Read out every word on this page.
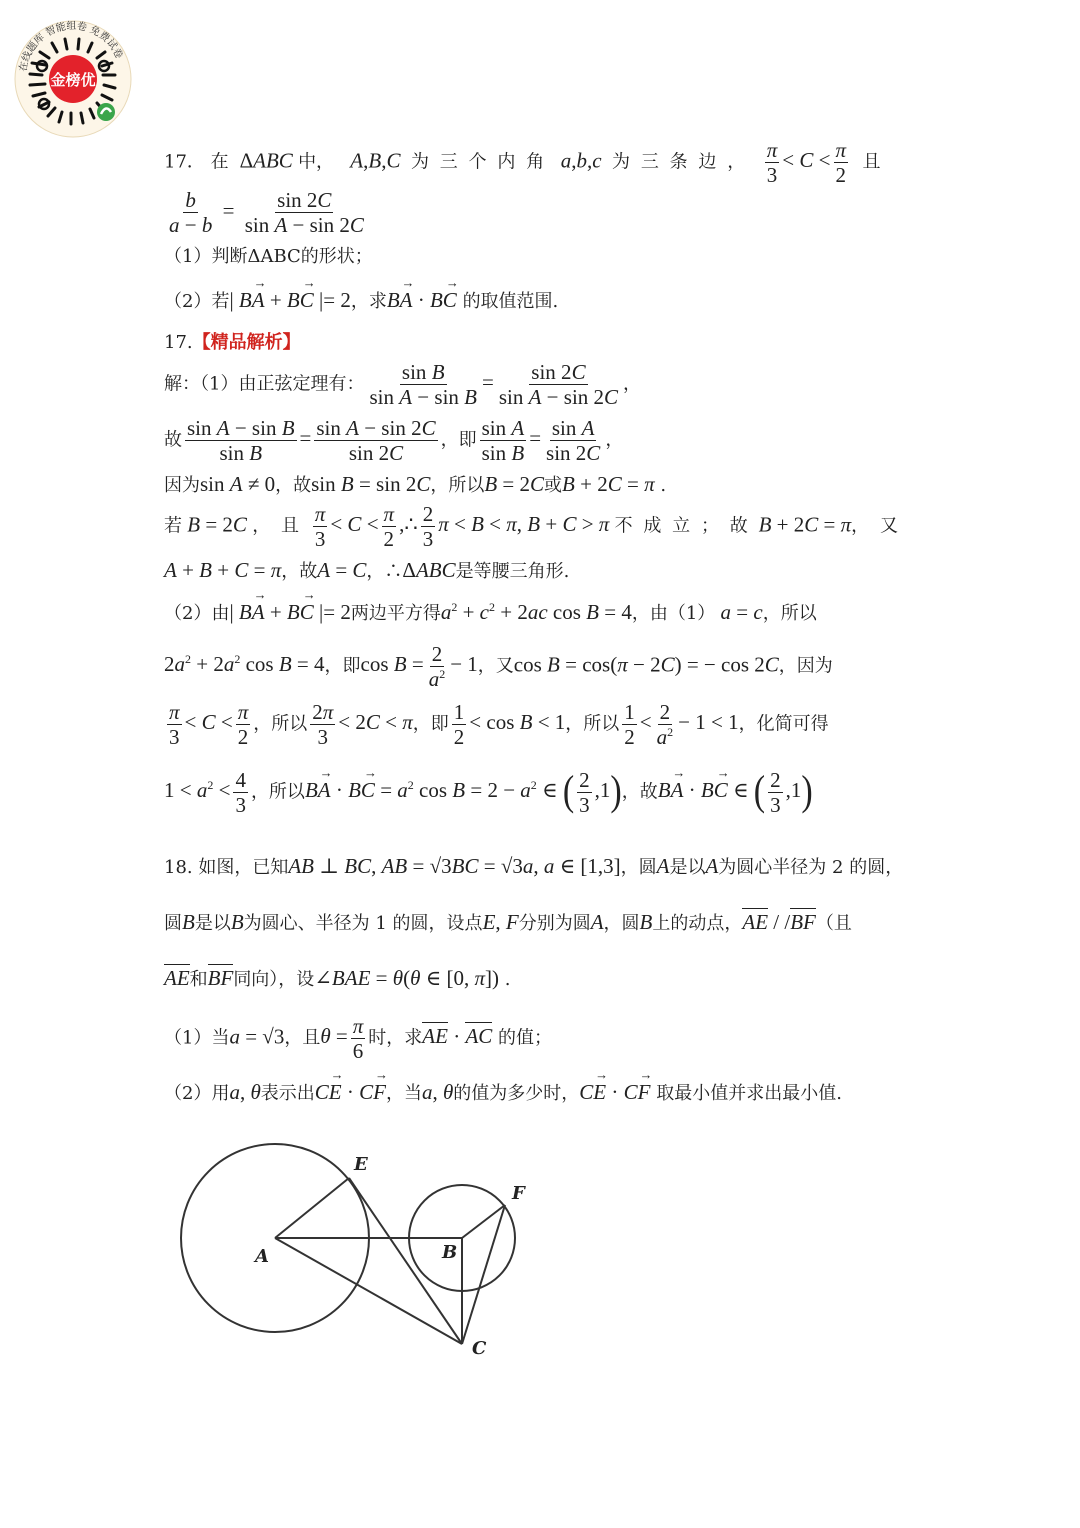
金榜优
在线题库 智能组卷 免费试卷
17． 在  ΔABC 中， A,B,C 为三个内角 a,b,c 为三条边， $\frac{\pi}{3} < C < \frac{\pi}{2}$ 且
$\frac{b}{a - b} = \frac{\sin 2C}{\text{sin A − sin 2C}}$
（1）判断ΔABC的形状；
（2）若| → BA + → BC |= 2，求→ BA · → BC 的取值范围.
17.【精品解析】
解：（1）由正弦定理有： $\frac{\text{sin B}}{\text{sin A − sin B}} = \frac{\sin 2C}{\text{sin A − sin 2C}}$ ，
故 $\frac{\text{sin A − sin B}}{\text{sin B}} = \frac{\text{sin A − sin 2C}}{\sin 2C}$ ，即 $\frac{\text{sin A}}{\text{sin B}} = \frac{\text{sin A}}{\sin 2C}$ ，
因为sin A ≠ 0，故sin B = sin 2C，所以B = 2C或B + 2C = π .
若 B = 2C ，且 $\frac{\pi}{3} < C < \frac{\pi}{2}$ ,∴ $\frac{2}{3}$ π < B < π, B + C > π 不成立；故B + 2C = π，又
A + B + C = π，故A = C，∴ΔABC是等腰三角形.
（2）由| → BA + → BC |= 2两边平方得$a^2 + c^2 + 2ac$ cos B = 4，由（1） a = c，所以
$2a^2 + 2a^2$ cos B = 4，即$\cos B = \frac{2}{a^2} - 1$，又cos B = cos(π − 2C) = − cos 2C，因为
$\frac{\pi}{3} < C < \frac{\pi}{2}$ ，所以 $\frac{2\pi}{3} < 2C < \pi$，即 $\frac{1}{2} < \cos B < 1$，所以 $\frac{1}{2} < \frac{2}{a^2} - 1 < 1$，化简可得
$1 < a^2 < \frac{4}{3}$ ，所以→ BA · → BC = $a^2$ $\cos B = 2 - a^2$ ∈ ( $\frac{2}{3} ,1$)，故→ BA · → BC ∈ ( $\frac{2}{3} ,1$)
18. 如图，已知AB ⊥ BC, AB = √3BC = √3a, a ∈ [1,3]，圆A是以A为圆心半径为 2 的圆，
圆B是以B为圆心、半径为 1 的圆，设点E, F分别为圆A，圆B上的动点，AE / /BF（且
AE和BF同向），设∠BAE = θ(θ ∈ [0, π]) .
（1）当a = √3，且$\theta = \frac{\pi}{6}$ 时，求AE · AC 的值；
（2）用a, θ表示出→ CE · → CF，当a, θ的值为多少时，→ CE · → CF 取最小值并求出最小值.
E
F
A	B
C
